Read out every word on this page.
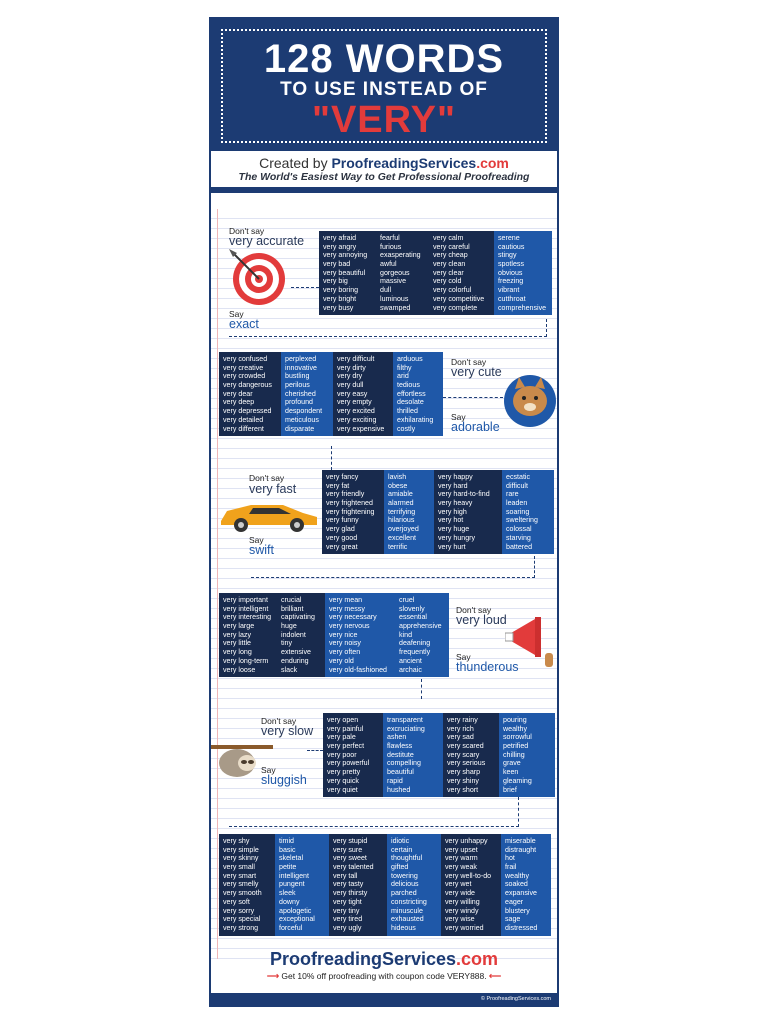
128 WORDS
TO USE INSTEAD OF
"VERY"
Created by ProofreadingServices.com
The World's Easiest Way to Get Professional Proofreading
Don't say
very accurate
Say
exact
very afraid
very angry
very annoying
very bad
very beautiful
very big
very boring
very bright
very busy
fearful
furious
exasperating
awful
gorgeous
massive
dull
luminous
swamped
very calm
very careful
very cheap
very clean
very clear
very cold
very colorful
very competitive
very complete
serene
cautious
stingy
spotless
obvious
freezing
vibrant
cutthroat
comprehensive
very confused
very creative
very crowded
very dangerous
very dear
very deep
very depressed
very detailed
very different
perplexed
innovative
bustling
perilous
cherished
profound
despondent
meticulous
disparate
very difficult
very dirty
very dry
very dull
very easy
very empty
very excited
very exciting
very expensive
arduous
filthy
arid
tedious
effortless
desolate
thrilled
exhilarating
costly
Don't say
very cute
Say
adorable
Don't say
very fast
Say
swift
very fancy
very fat
very friendly
very frightened
very frightening
very funny
very glad
very good
very great
lavish
obese
amiable
alarmed
terrifying
hilarious
overjoyed
excellent
terrific
very happy
very hard
very hard-to-find
very heavy
very high
very hot
very huge
very hungry
very hurt
ecstatic
difficult
rare
leaden
soaring
sweltering
colossal
starving
battered
very important
very intelligent
very interesting
very large
very lazy
very little
very long
very long-term
very loose
crucial
brilliant
captivating
huge
indolent
tiny
extensive
enduring
slack
very mean
very messy
very necessary
very nervous
very nice
very noisy
very often
very old
very old-fashioned
cruel
slovenly
essential
apprehensive
kind
deafening
frequently
ancient
archaic
Don't say
very loud
Say
thunderous
Don't say
very slow
Say
sluggish
very open
very painful
very pale
very perfect
very poor
very powerful
very pretty
very quick
very quiet
transparent
excruciating
ashen
flawless
destitute
compelling
beautiful
rapid
hushed
very rainy
very rich
very sad
very scared
very scary
very serious
very sharp
very shiny
very short
pouring
wealthy
sorrowful
petrified
chilling
grave
keen
gleaming
brief
very shy
very simple
very skinny
very small
very smart
very smelly
very smooth
very soft
very sorry
very special
very strong
timid
basic
skeletal
petite
intelligent
pungent
sleek
downy
apologetic
exceptional
forceful
very stupid
very sure
very sweet
very talented
very tall
very tasty
very thirsty
very tight
very tiny
very tired
very ugly
idiotic
certain
thoughtful
gifted
towering
delicious
parched
constricting
minuscule
exhausted
hideous
very unhappy
very upset
very warm
very weak
very well-to-do
very wet
very wide
very willing
very windy
very wise
very worried
miserable
distraught
hot
frail
wealthy
soaked
expansive
eager
blustery
sage
distressed
ProofreadingServices.com
⟶ Get 10% off proofreading with coupon code VERY888. ⟵
© ProofreadingServices.com
